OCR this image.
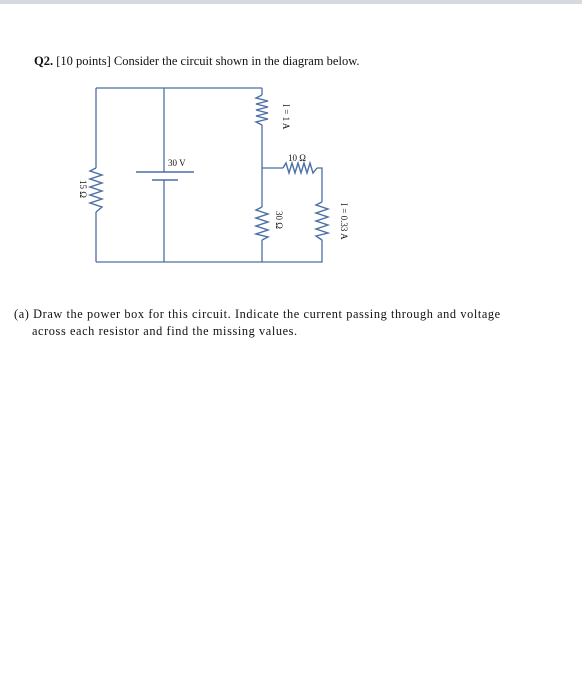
Q2. [10 points] Consider the circuit shown in the diagram below.
30 V	10 Ω
15 Ω
30 Ω
I = 1 A
I = 0.33 A
(a) Draw the power box for this circuit. Indicate the current passing through and voltage
across each resistor and find the missing values.
